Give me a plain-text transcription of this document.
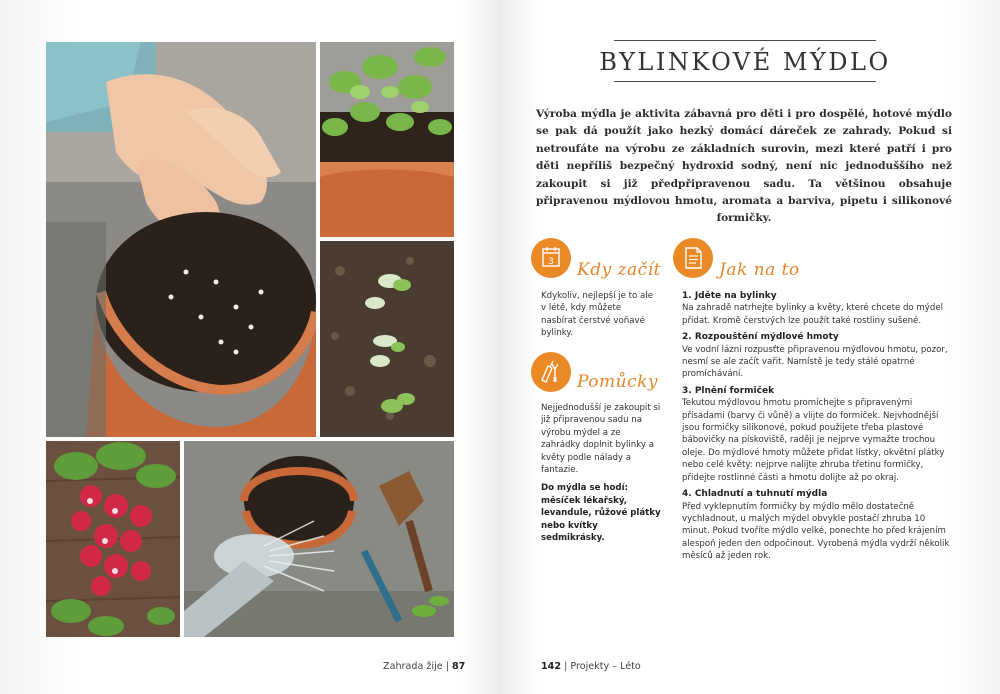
BYLINKOVÉ MÝDLO
Výroba mýdla je aktivita zábavná pro děti i pro dospělé, hotové mýdlo se pak dá použít jako hezký domácí dáreček ze zahrady. Pokud si netroufáte na výrobu ze základních surovin, mezi které patří i pro děti nepříliš bezpečný hydroxid sodný, není nic jednoduššího než zakoupit si již předpřipravenou sadu. Ta většinou obsahuje připravenou mýdlovou hmotu, aromata a barviva, pipetu i silikonové formičky.
3 Kdy začít
Kdykoliv, nejlepší je to ale v létě, kdy můžete nasbírat čerstvé voňavé bylinky.
Pomůcky
Nejjednodušší je zakoupit si již připravenou sadu na výrobu mýdel a ze zahrádky doplnit bylinky a květy podle nálady a fantazie.
Do mýdla se hodí: měsíček lékařský, levandule, růžové plátky nebo kvítky sedmikrásky.
Jak na to
1. Jděte na bylinky
Na zahradě natrhejte bylinky a květy, které chcete do mýdel přidat. Kromě čerstvých lze použít také rostliny sušené.
2. Rozpouštění mýdlové hmoty
Ve vodní lázni rozpusťte připravenou mýdlovou hmotu, pozor, nesmí se ale začít vařit. Namístě je tedy stálé opatrné promíchávání.
3. Plnění formiček
Tekutou mýdlovou hmotu promíchejte s připravenými přísadami (barvy či vůně) a vlijte do formiček. Nejvhodnější jsou formičky silikonové, pokud použijete třeba plastové bábovičky na pískoviště, raději je nejprve vymažte trochou oleje. Do mýdlové hmoty můžete přidat lístky, okvětní plátky nebo celé květy: nejprve nalijte zhruba třetinu formičky, přidejte rostlinné části a hmotu dolijte až po okraj.
4. Chladnutí a tuhnutí mýdla
Před vyklepnutím formičky by mýdlo mělo dostatečně vychladnout, u malých mýdel obvykle postačí zhruba 10 minut. Pokud tvoříte mýdlo velké, ponechte ho před krájením alespoň jeden den odpočinout. Vyrobená mýdla vydrží několik měsíců až jeden rok.
Zahrada žije | 87	142 | Projekty – Léto
